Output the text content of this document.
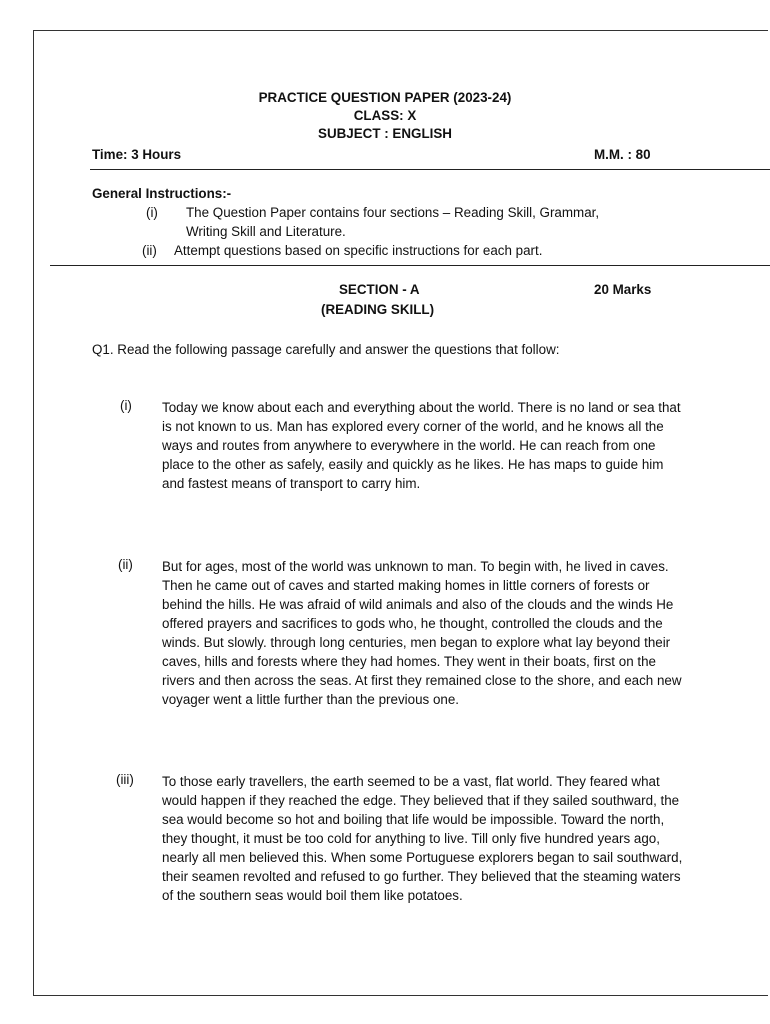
PRACTICE QUESTION PAPER (2023-24)
CLASS: X
SUBJECT : ENGLISH
Time: 3 Hours	M.M. : 80
General Instructions:-
(i) The Question Paper contains four sections – Reading Skill, Grammar,
Writing Skill and Literature.
(ii) Attempt questions based on specific instructions for each part.
SECTION - A	20 Marks
(READING SKILL)
Q1. Read the following passage carefully and answer the questions that follow:
(i) Today we know about each and everything about the world. There is no land or sea that is not known to us. Man has explored every corner of the world, and he knows all the ways and routes from anywhere to everywhere in the world. He can reach from one place to the other as safely, easily and quickly as he likes. He has maps to guide him and fastest means of transport to carry him.
(ii) But for ages, most of the world was unknown to man. To begin with, he lived in caves. Then he came out of caves and started making homes in little corners of forests or behind the hills. He was afraid of wild animals and also of the clouds and the winds He offered prayers and sacrifices to gods who, he thought, controlled the clouds and the winds. But slowly. through long centuries, men began to explore what lay beyond their caves, hills and forests where they had homes. They went in their boats, first on the rivers and then across the seas. At first they remained close to the shore, and each new voyager went a little further than the previous one.
(iii) To those early travellers, the earth seemed to be a vast, flat world. They feared what would happen if they reached the edge. They believed that if they sailed southward, the sea would become so hot and boiling that life would be impossible. Toward the north, they thought, it must be too cold for anything to live. Till only five hundred years ago, nearly all men believed this. When some Portuguese explorers began to sail southward, their seamen revolted and refused to go further. They believed that the steaming waters of the southern seas would boil them like potatoes.
